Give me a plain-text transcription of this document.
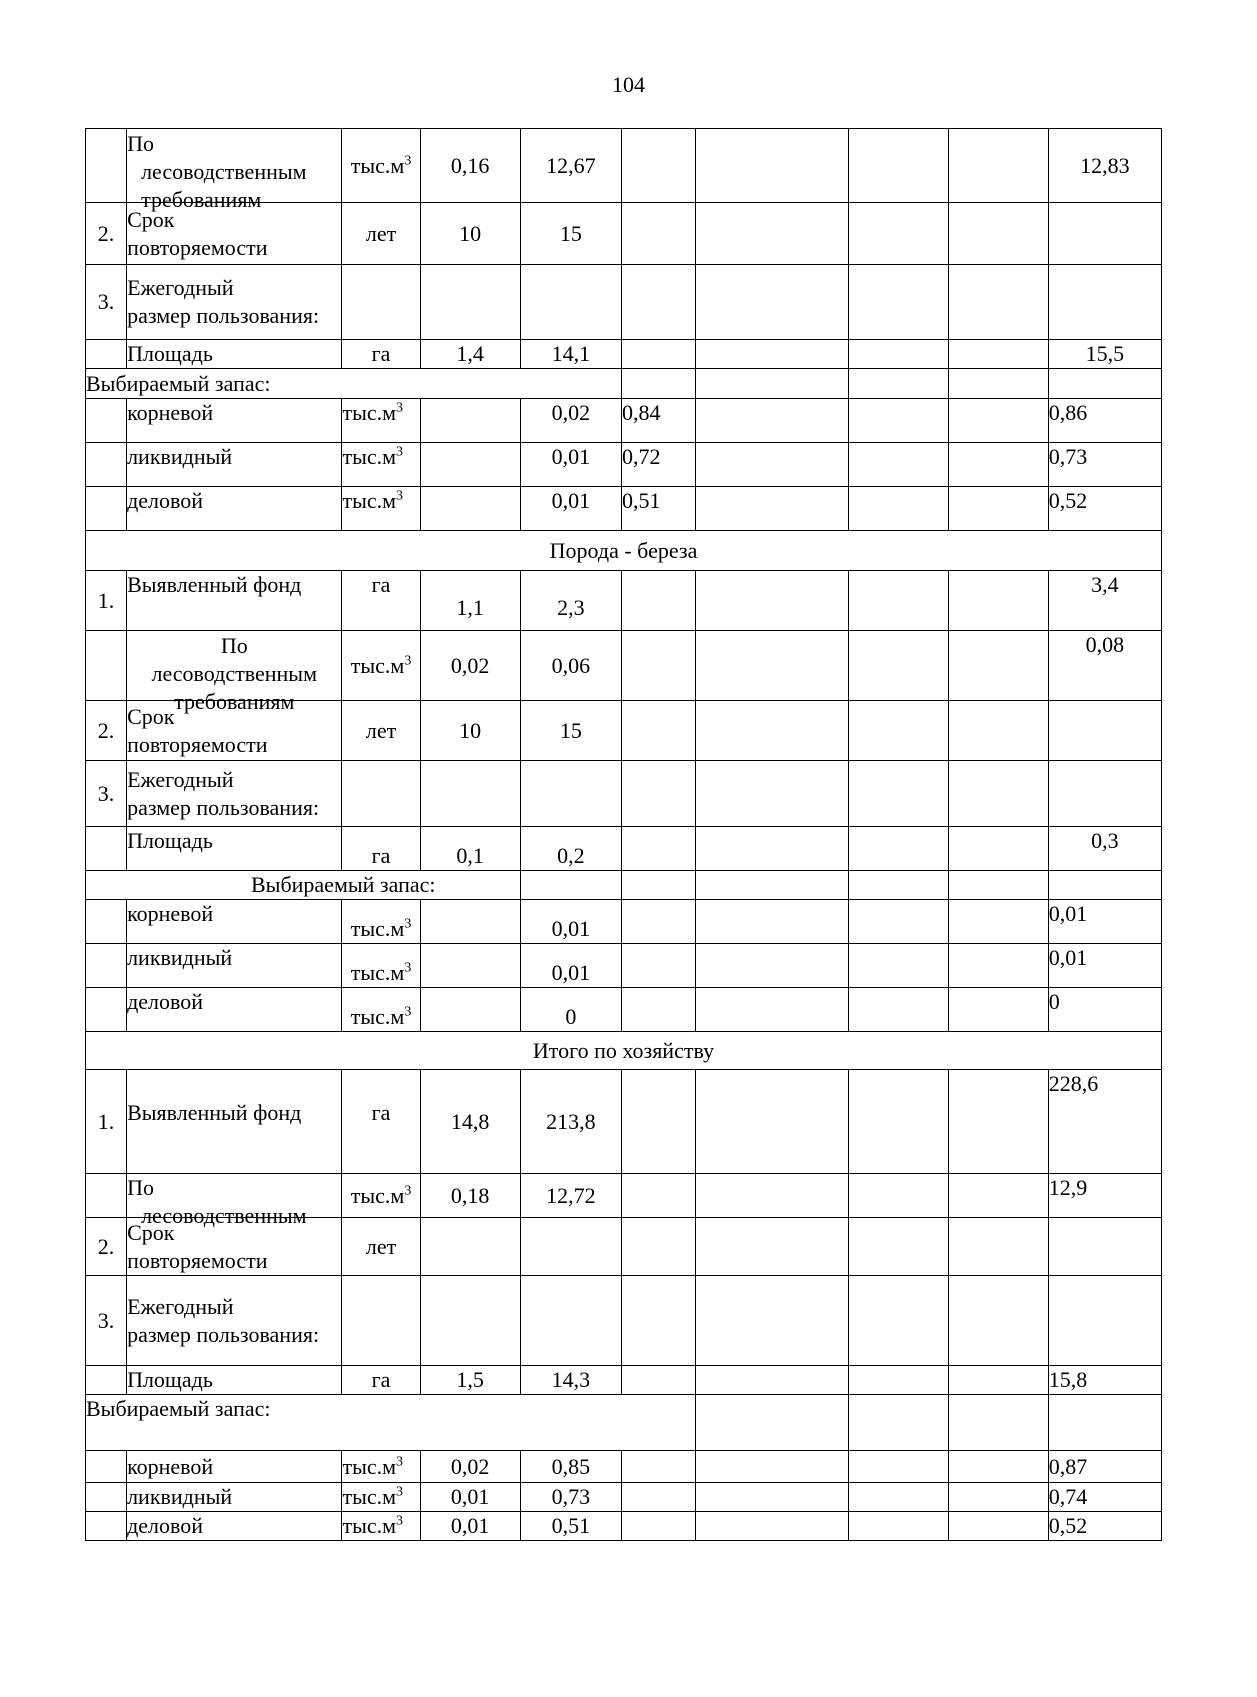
104

	По
лесоводственным
требованиям	$тыс.м^3$	0,16	12,67					12,83
2.	Срок
повторяемости	лет	10	15					
3.	Ежегодный
размер пользования:								
	Площадь	га	1,4	14,1					15,5
Выбираемый запас:									
	корневой	$тыс.м^3$		0,02	0,84				0,86
	ликвидный	$тыс.м^3$		0,01	0,72				0,73
	деловой	$тыс.м^3$		0,01	0,51				0,52
Порода - береза									
1.	Выявленный фонд	га	1,1	2,3					3,4

	По
лесоводственным
требованиям	$тыс.м^3$	0,02	0,06					0,08
2.	Срок
повторяемости	лет	10	15					
3.	Ежегодный
размер пользования:								
	Площадь	га	0,1	0,2					0,3
Выбираемый запас:									
	корневой	$тыс.м^3$		0,01					0,01
	ликвидный	$тыс.м^3$		0,01					0,01
	деловой	$тыс.м^3$		0					0
Итого по хозяйству									
1.	Выявленный фонд	га	14,8	213,8					228,6

	По
лесоводственным	$тыс.м^3$	0,18	12,72					12,9
2.	Срок
повторяемости	лет							
3.	Ежегодный
размер пользования:								
	Площадь	га	1,5	14,3					15,8
Выбираемый запас:									
	корневой	$тыс.м^3$	0,02	0,85					0,87
	ликвидный	$тыс.м^3$	0,01	0,73					0,74
	деловой	$тыс.м^3$	0,01	0,51					0,52
